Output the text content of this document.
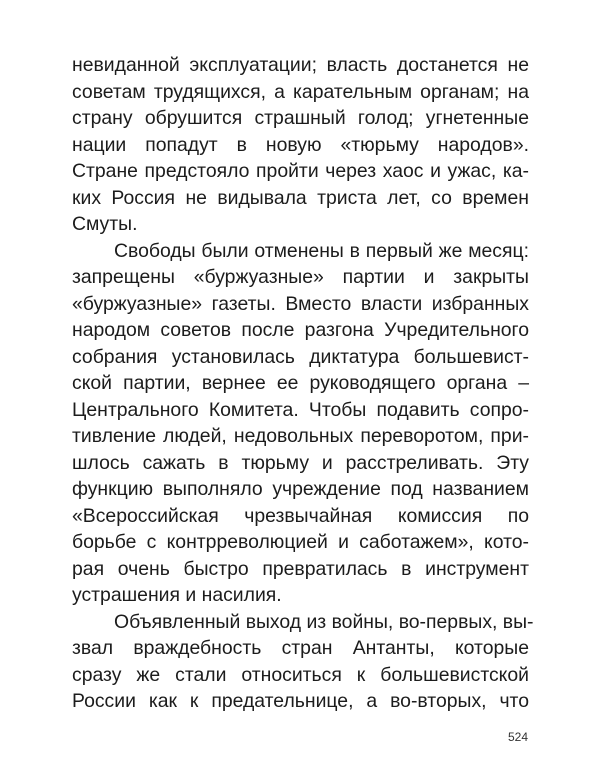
невиданной эксплуатации; власть достанется не
советам трудящихся, а карательным органам; на
страну обрушится страшный голод; угнетенные
нации попадут в новую «тюрьму народов».
Стране предстояло пройти через хаос и ужас, ка-
ких Россия не видывала триста лет, со времен
Смуты.
Свободы были отменены в первый же месяц:
запрещены «буржуазные» партии и закрыты
«буржуазные» газеты. Вместо власти избранных
народом советов после разгона Учредительного
собрания установилась диктатура большевист-
ской партии, вернее ее руководящего органа –
Центрального Комитета. Чтобы подавить сопро-
тивление людей, недовольных переворотом, при-
шлось сажать в тюрьму и расстреливать. Эту
функцию выполняло учреждение под названием
«Всероссийская чрезвычайная комиссия по
борьбе с контрреволюцией и саботажем», кото-
рая очень быстро превратилась в инструмент
устрашения и насилия.
Объявленный выход из войны, во-первых, вы-
звал враждебность стран Антанты, которые
сразу же стали относиться к большевистской
России как к предательнице, а во-вторых, что
524
